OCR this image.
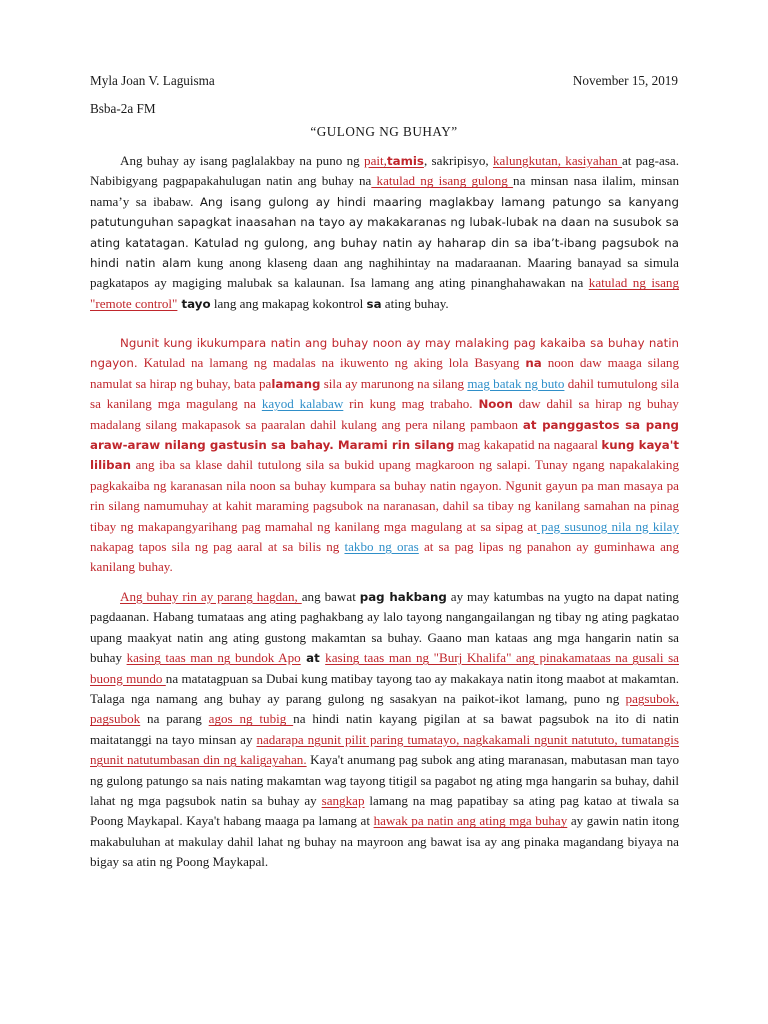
Myla Joan V. Laguisma	November 15, 2019
Bsba-2a FM
“GULONG NG BUHAY”
Ang buhay ay isang paglalakbay na puno ng pait,tamis, sakripisyo, kalungkutan, kasiyahan at pag-asa. Nabibigyang pagpapakahulugan natin ang buhay na katulad ng isang gulong na minsan nasa ilalim, minsan nama’y sa ibabaw. Ang isang gulong ay hindi maaring maglakbay lamang patungo sa kanyang patutunguhan sapagkat inaasahan na tayo ay makakaranas ng lubak-lubak na daan na susubok sa ating katatagan. Katulad ng gulong, ang buhay natin ay haharap din sa iba’t-ibang pagsubok na hindi natin alam kung anong klaseng daan ang naghihintay na madaraanan. Maaring banayad sa simula pagkatapos ay magiging malubak sa kalaunan. Isa lamang ang ating pinanghahawakan na katulad ng isang "remote control" tayo lang ang makapag kokontrol sa ating buhay.
Ngunit kung ikukumpara natin ang buhay noon ay may malaking pag kakaiba sa buhay natin ngayon. Katulad na lamang ng madalas na ikuwento ng aking lola Basyang na noon daw maaga silang namulat sa hirap ng buhay, bata palamang sila ay marunong na silang mag batak ng buto dahil tumutulong sila sa kanilang mga magulang na kayod kalabaw rin kung mag trabaho. Noon daw dahil sa hirap ng buhay madalang silang makapasok sa paaralan dahil kulang ang pera nilang pambaon at panggastos sa pang araw-araw nilang gastusin sa bahay. Marami rin silang mag kakapatid na nagaaral kung kaya't liliban ang iba sa klase dahil tutulong sila sa bukid upang magkaroon ng salapi. Tunay ngang napakalaking pagkakaiba ng karanasan nila noon sa buhay kumpara sa buhay natin ngayon. Ngunit gayun pa man masaya pa rin silang namumuhay at kahit maraming pagsubok na naranasan, dahil sa tibay ng kanilang samahan na pinag tibay ng makapangyarihang pag mamahal ng kanilang mga magulang at sa sipag at pag susunog nila ng kilay nakapag tapos sila ng pag aaral at sa bilis ng takbo ng oras at sa pag lipas ng panahon ay guminhawa ang kanilang buhay.
Ang buhay rin ay parang hagdan, ang bawat pag hakbang ay may katumbas na yugto na dapat nating pagdaanan. Habang tumataas ang ating paghakbang ay lalo tayong nangangailangan ng tibay ng ating pagkatao upang maakyat natin ang ating gustong makamtan sa buhay. Gaano man kataas ang mga hangarin natin sa buhay kasing taas man ng bundok Apo at kasing taas man ng "Burj Khalifa" ang pinakamataas na gusali sa buong mundo na matatagpuan sa Dubai kung matibay tayong tao ay makakaya natin itong maabot at makamtan. Talaga nga namang ang buhay ay parang gulong ng sasakyan na paikot-ikot lamang, puno ng pagsubok, pagsubok na parang agos ng tubig na hindi natin kayang pigilan at sa bawat pagsubok na ito di natin maitatanggi na tayo minsan ay nadarapa ngunit pilit paring tumatayo, nagkakamali ngunit natututo, tumatangis ngunit natutumbasan din ng kaligayahan. Kaya't anumang pag subok ang ating maranasan, mabutasan man tayo ng gulong patungo sa nais nating makamtan wag tayong titigil sa pagabot ng ating mga hangarin sa buhay, dahil lahat ng mga pagsubok natin sa buhay ay sangkap lamang na mag papatibay sa ating pag katao at tiwala sa Poong Maykapal. Kaya't habang maaga pa lamang at hawak pa natin ang ating mga buhay ay gawin natin itong makabuluhan at makulay dahil lahat ng buhay na mayroon ang bawat isa ay ang pinaka magandang biyaya na bigay sa atin ng Poong Maykapal.
